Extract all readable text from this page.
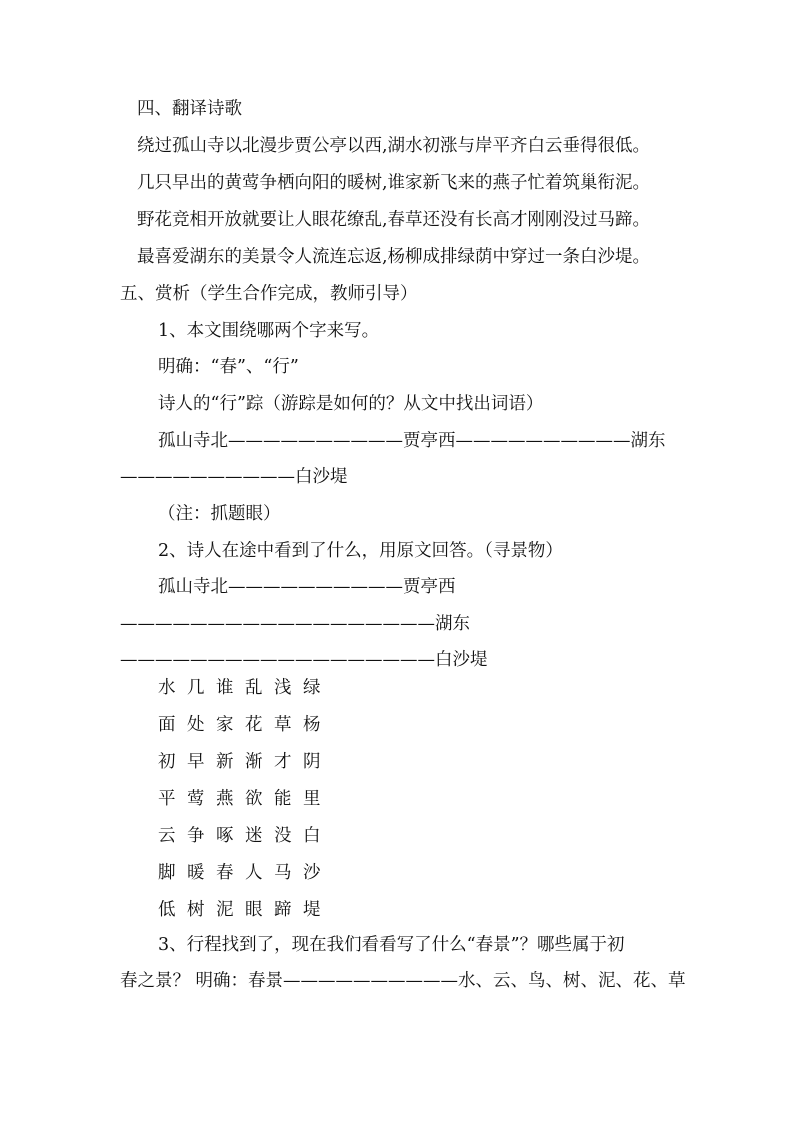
四、翻译诗歌
绕过孤山寺以北漫步贾公亭以西,湖水初涨与岸平齐白云垂得很低。
几只早出的黄莺争栖向阳的暖树,谁家新飞来的燕子忙着筑巢衔泥。
野花竞相开放就要让人眼花缭乱,春草还没有长高才刚刚没过马蹄。
最喜爱湖东的美景令人流连忘返,杨柳成排绿荫中穿过一条白沙堤。
五、赏析（学生合作完成，教师引导）
1、本文围绕哪两个字来写。
明确：“春”、“行”
诗人的“行”踪（游踪是如何的？从文中找出词语）
孤山寺北——————————贾亭西——————————湖东
——————————白沙堤
（注：抓题眼）
2、诗人在途中看到了什么，用原文回答。（寻景物）
孤山寺北——————————贾亭西
——————————————————湖东
——————————————————白沙堤
水 几 谁 乱 浅 绿
面 处 家 花 草 杨
初 早 新 渐 才 阴
平 莺 燕 欲 能 里
云 争 啄 迷 没 白
脚 暖 春 人 马 沙
低 树 泥 眼 蹄 堤
3、行程找到了，现在我们看看写了什么“春景”？哪些属于初
春之景？ 明确：春景——————————水、云、鸟、树、泥、花、草
